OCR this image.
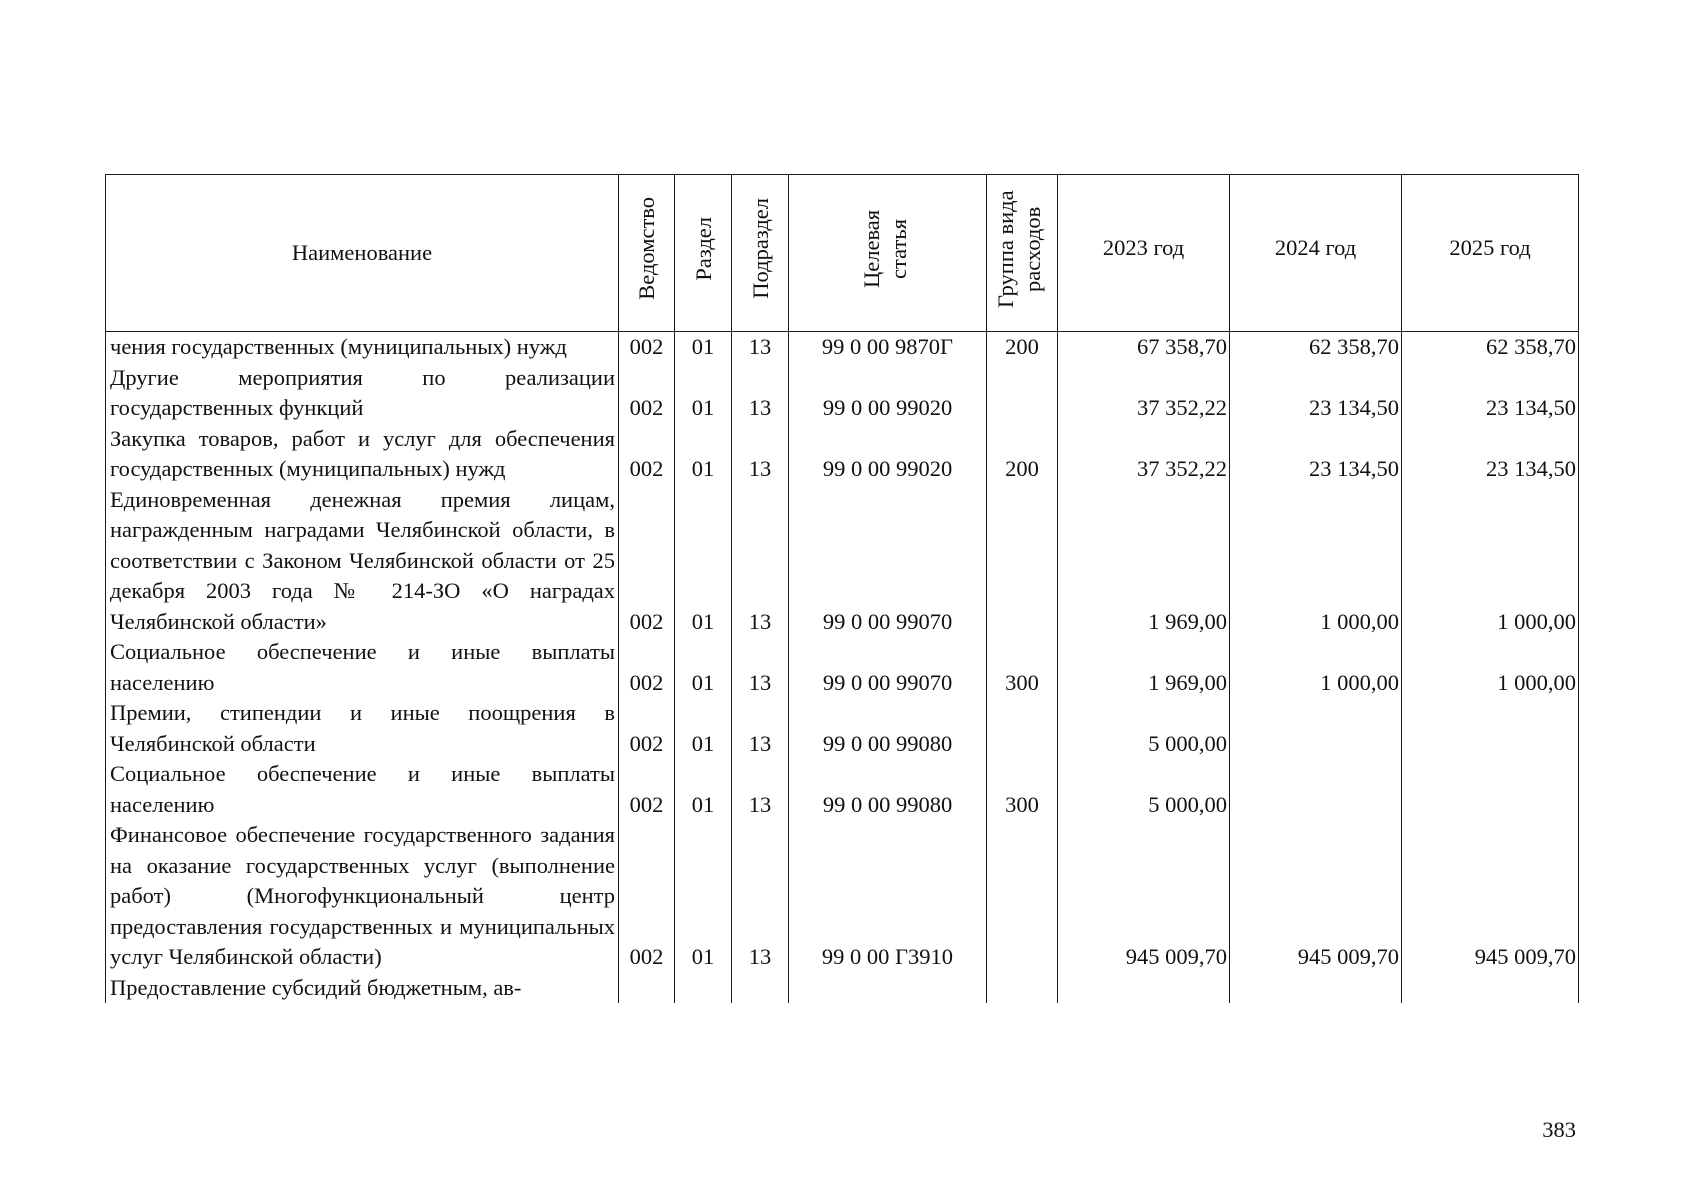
Наименование	Ведомство	Раздел	Подраздел	Целевая статья	Группа вида расходов	2023 год	2024 год	2025 год

чения государственных (муниципальных) нужд	002	01	13	99 0 00 9870Г	200	67 358,70	62 358,70	62 358,70

Другие мероприятия по реализации государственных функций	002	01	13	99 0 00 99020		37 352,22	23 134,50	23 134,50

Закупка товаров, работ и услуг для обеспечения государственных (муниципальных) нужд	002	01	13	99 0 00 99020	200	37 352,22	23 134,50	23 134,50

Единовременная денежная премия лицам, награжденным наградами Челябинской области, в соответствии с Законом Челябинской области от 25 декабря 2003 года № 214-ЗО «О наградах Челябинской области»	002	01	13	99 0 00 99070		1 969,00	1 000,00	1 000,00

Социальное обеспечение и иные выплаты населению	002	01	13	99 0 00 99070	300	1 969,00	1 000,00	1 000,00

Премии, стипендии и иные поощрения в Челябинской области	002	01	13	99 0 00 99080		5 000,00		

Социальное обеспечение и иные выплаты населению	002	01	13	99 0 00 99080	300	5 000,00		

Финансовое обеспечение государственного задания на оказание государственных услуг (выполнение работ) (Многофункциональный центр предоставления государственных и муниципальных услуг Челябинской области)	002	01	13	99 0 00 Г3910		945 009,70	945 009,70	945 009,70

Предоставление субсидий бюджетным, ав-								

383
